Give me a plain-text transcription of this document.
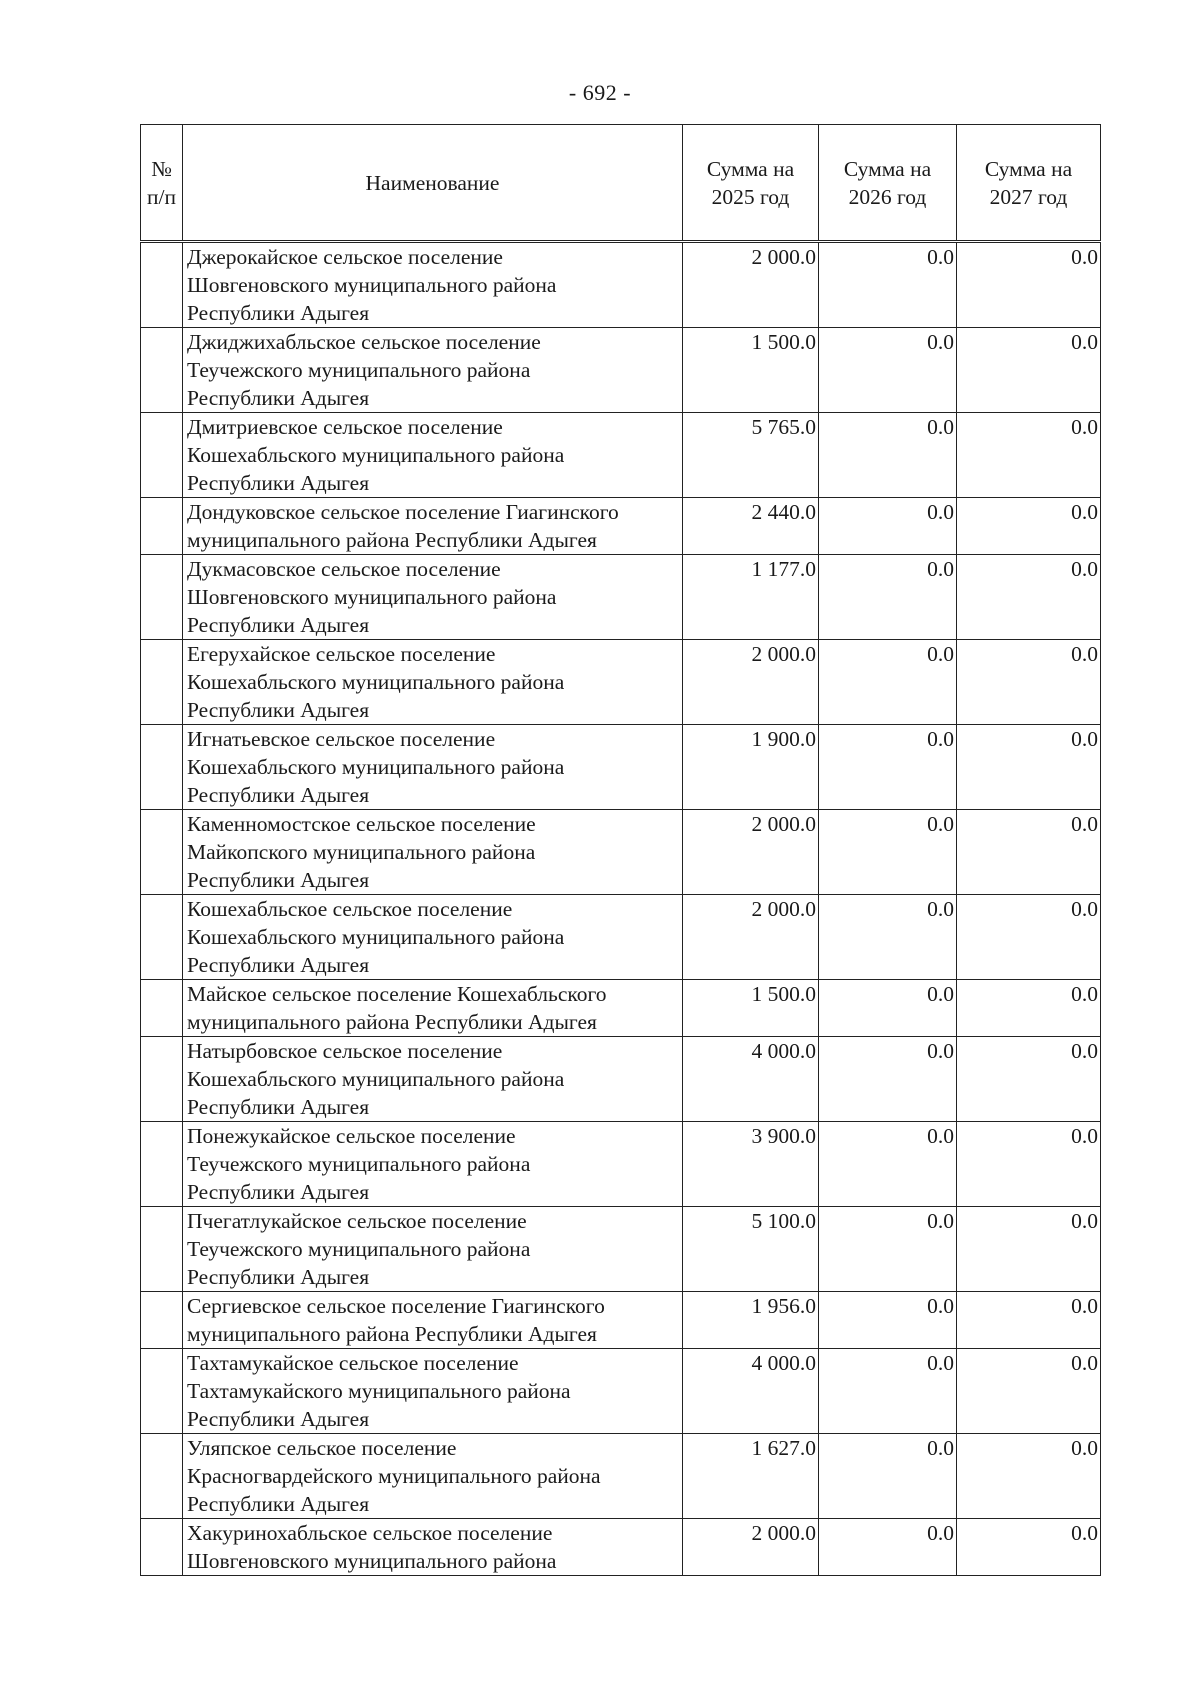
- 692 -
№ п/п	Наименование	Сумма на 2025 год	Сумма на 2026 год	Сумма на 2027 год

	Джерокайское сельское поселение
Шовгеновского муниципального района
Республики Адыгея	2 000.0	0.0	0.0

	Джиджихабльское сельское поселение
Теучежского муниципального района
Республики Адыгея	1 500.0	0.0	0.0

	Дмитриевское сельское поселение
Кошехабльского муниципального района
Республики Адыгея	5 765.0	0.0	0.0

	Дондуковское сельское поселение Гиагинского
муниципального района Республики Адыгея	2 440.0	0.0	0.0

	Дукмасовское сельское поселение
Шовгеновского муниципального района
Республики Адыгея	1 177.0	0.0	0.0

	Егерухайское сельское поселение
Кошехабльского муниципального района
Республики Адыгея	2 000.0	0.0	0.0

	Игнатьевское сельское поселение
Кошехабльского муниципального района
Республики Адыгея	1 900.0	0.0	0.0

	Каменномостское сельское поселение
Майкопского муниципального района
Республики Адыгея	2 000.0	0.0	0.0

	Кошехабльское сельское поселение
Кошехабльского муниципального района
Республики Адыгея	2 000.0	0.0	0.0

	Майское сельское поселение Кошехабльского
муниципального района Республики Адыгея	1 500.0	0.0	0.0

	Натырбовское сельское поселение
Кошехабльского муниципального района
Республики Адыгея	4 000.0	0.0	0.0

	Понежукайское сельское поселение
Теучежского муниципального района
Республики Адыгея	3 900.0	0.0	0.0

	Пчегатлукайское сельское поселение
Теучежского муниципального района
Республики Адыгея	5 100.0	0.0	0.0

	Сергиевское сельское поселение Гиагинского
муниципального района Республики Адыгея	1 956.0	0.0	0.0

	Тахтамукайское сельское поселение
Тахтамукайского муниципального района
Республики Адыгея	4 000.0	0.0	0.0

	Уляпское сельское поселение
Красногвардейского муниципального района
Республики Адыгея	1 627.0	0.0	0.0

	Хакуринохабльское сельское поселение
Шовгеновского муниципального района	2 000.0	0.0	0.0
